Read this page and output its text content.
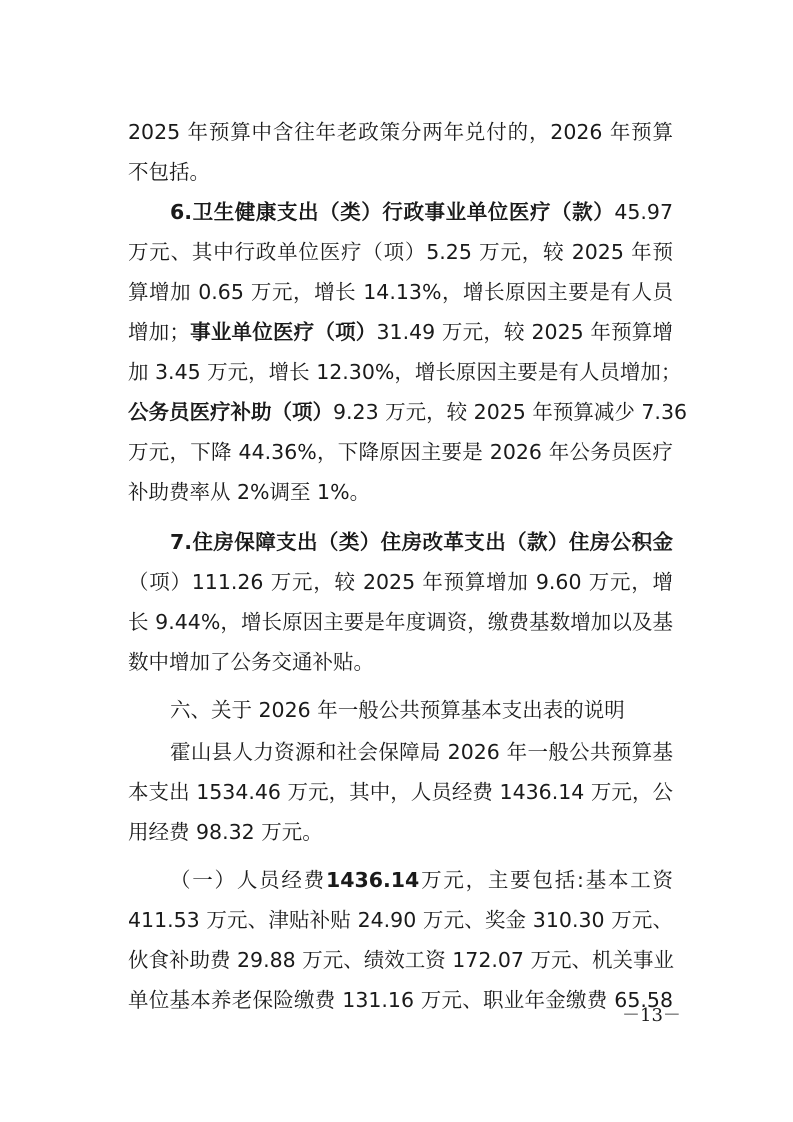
2025 年预算中含往年老政策分两年兑付的，2026 年预算
不包括。
6.卫生健康支出（类）行政事业单位医疗（款）45.97
万元、其中行政单位医疗（项）5.25 万元，较 2025 年预
算增加 0.65 万元，增长 14.13%，增长原因主要是有人员
增加；事业单位医疗（项）31.49 万元，较 2025 年预算增
加 3.45 万元，增长 12.30%，增长原因主要是有人员增加；
公务员医疗补助（项）9.23 万元，较 2025 年预算减少 7.36
万元，下降 44.36%，下降原因主要是 2026 年公务员医疗
补助费率从 2%调至 1%。
7.住房保障支出（类）住房改革支出（款）住房公积金
（项）111.26 万元，较 2025 年预算增加 9.60 万元，增
长 9.44%，增长原因主要是年度调资，缴费基数增加以及基
数中增加了公务交通补贴。
六、关于 2026 年一般公共预算基本支出表的说明
霍山县人力资源和社会保障局 2026 年一般公共预算基
本支出 1534.46 万元，其中，人员经费 1436.14 万元，公
用经费 98.32 万元。
（一）人员经费1436.14万元，主要包括:基本工资
411.53 万元、津贴补贴 24.90 万元、奖金 310.30 万元、
伙食补助费 29.88 万元、绩效工资 172.07 万元、机关事业
单位基本养老保险缴费 131.16 万元、职业年金缴费 65.58
－13－
